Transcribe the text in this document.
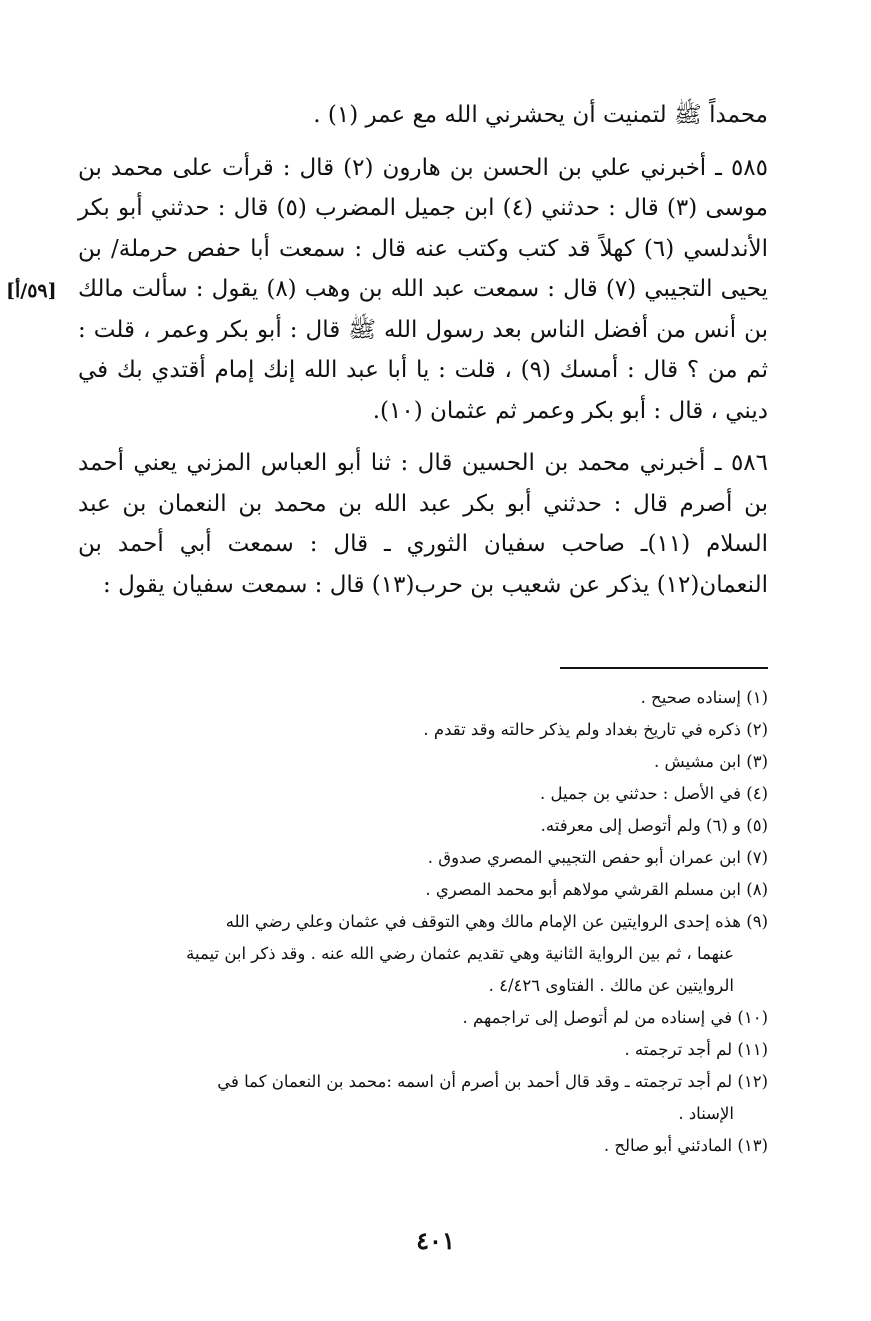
محمداً ﷺ لتمنيت أن يحشرني الله مع عمر (١) .

٥٨٥ ـ أخبرني علي بن الحسن بن هارون (٢) قال : قرأت على محمد بن موسى (٣) قال : حدثني (٤) ابن جميل المضرب (٥) قال : حدثني أبو بكر الأندلسي (٦) كهلاً قد كتب وكتب عنه قال : سمعت أبا حفص حرملة/ بن يحيى التجيبي (٧) قال : سمعت عبد الله بن وهب (٨) يقول : سألت مالك بن أنس من أفضل الناس بعد رسول الله ﷺ قال : أبو بكر وعمر ، قلت : ثم من ؟ قال : أمسك (٩) ، قلت : يا أبا عبد الله إنك إمام أقتدي بك في ديني ، قال : أبو بكر وعمر ثم عثمان (١٠).

٥٨٦ ـ أخبرني محمد بن الحسين قال : ثنا أبو العباس المزني يعني أحمد بن أصرم قال : حدثني أبو بكر عبد الله بن محمد بن النعمان بن عبد السلام (١١)ـ صاحب سفيان الثوري ـ قال : سمعت أبي أحمد بن النعمان(١٢) يذكر عن شعيب بن حرب(١٣) قال : سمعت سفيان يقول :

[٥٩/أ]
(١) إسناده صحيح .
(٢) ذكره في تاريخ بغداد ولم يذكر حالته وقد تقدم .
(٣) ابن مشيش .
(٤) في الأصل : حدثني بن جميل .
(٥) و (٦) ولم أتوصل إلى معرفته.
(٧) ابن عمران أبو حفص التجيبي المصري صدوق .
(٨) ابن مسلم القرشي مولاهم أبو محمد المصري .
(٩) هذه إحدى الروايتين عن الإمام مالك وهي التوقف في عثمان وعلي رضي الله
عنهما ، ثم بين الرواية الثانية وهي تقديم عثمان رضي الله عنه . وقد ذكر ابن تيمية
الروايتين عن مالك . الفتاوى ٤/٤٢٦ .
(١٠) في إسناده من لم أتوصل إلى تراجمهم .
(١١) لم أجد ترجمته .
(١٢) لم أجد ترجمته ـ وقد قال أحمد بن أصرم أن اسمه :محمد بن النعمان كما في
الإسناد .
(١٣) المادئني أبو صالح .
٤٠١
